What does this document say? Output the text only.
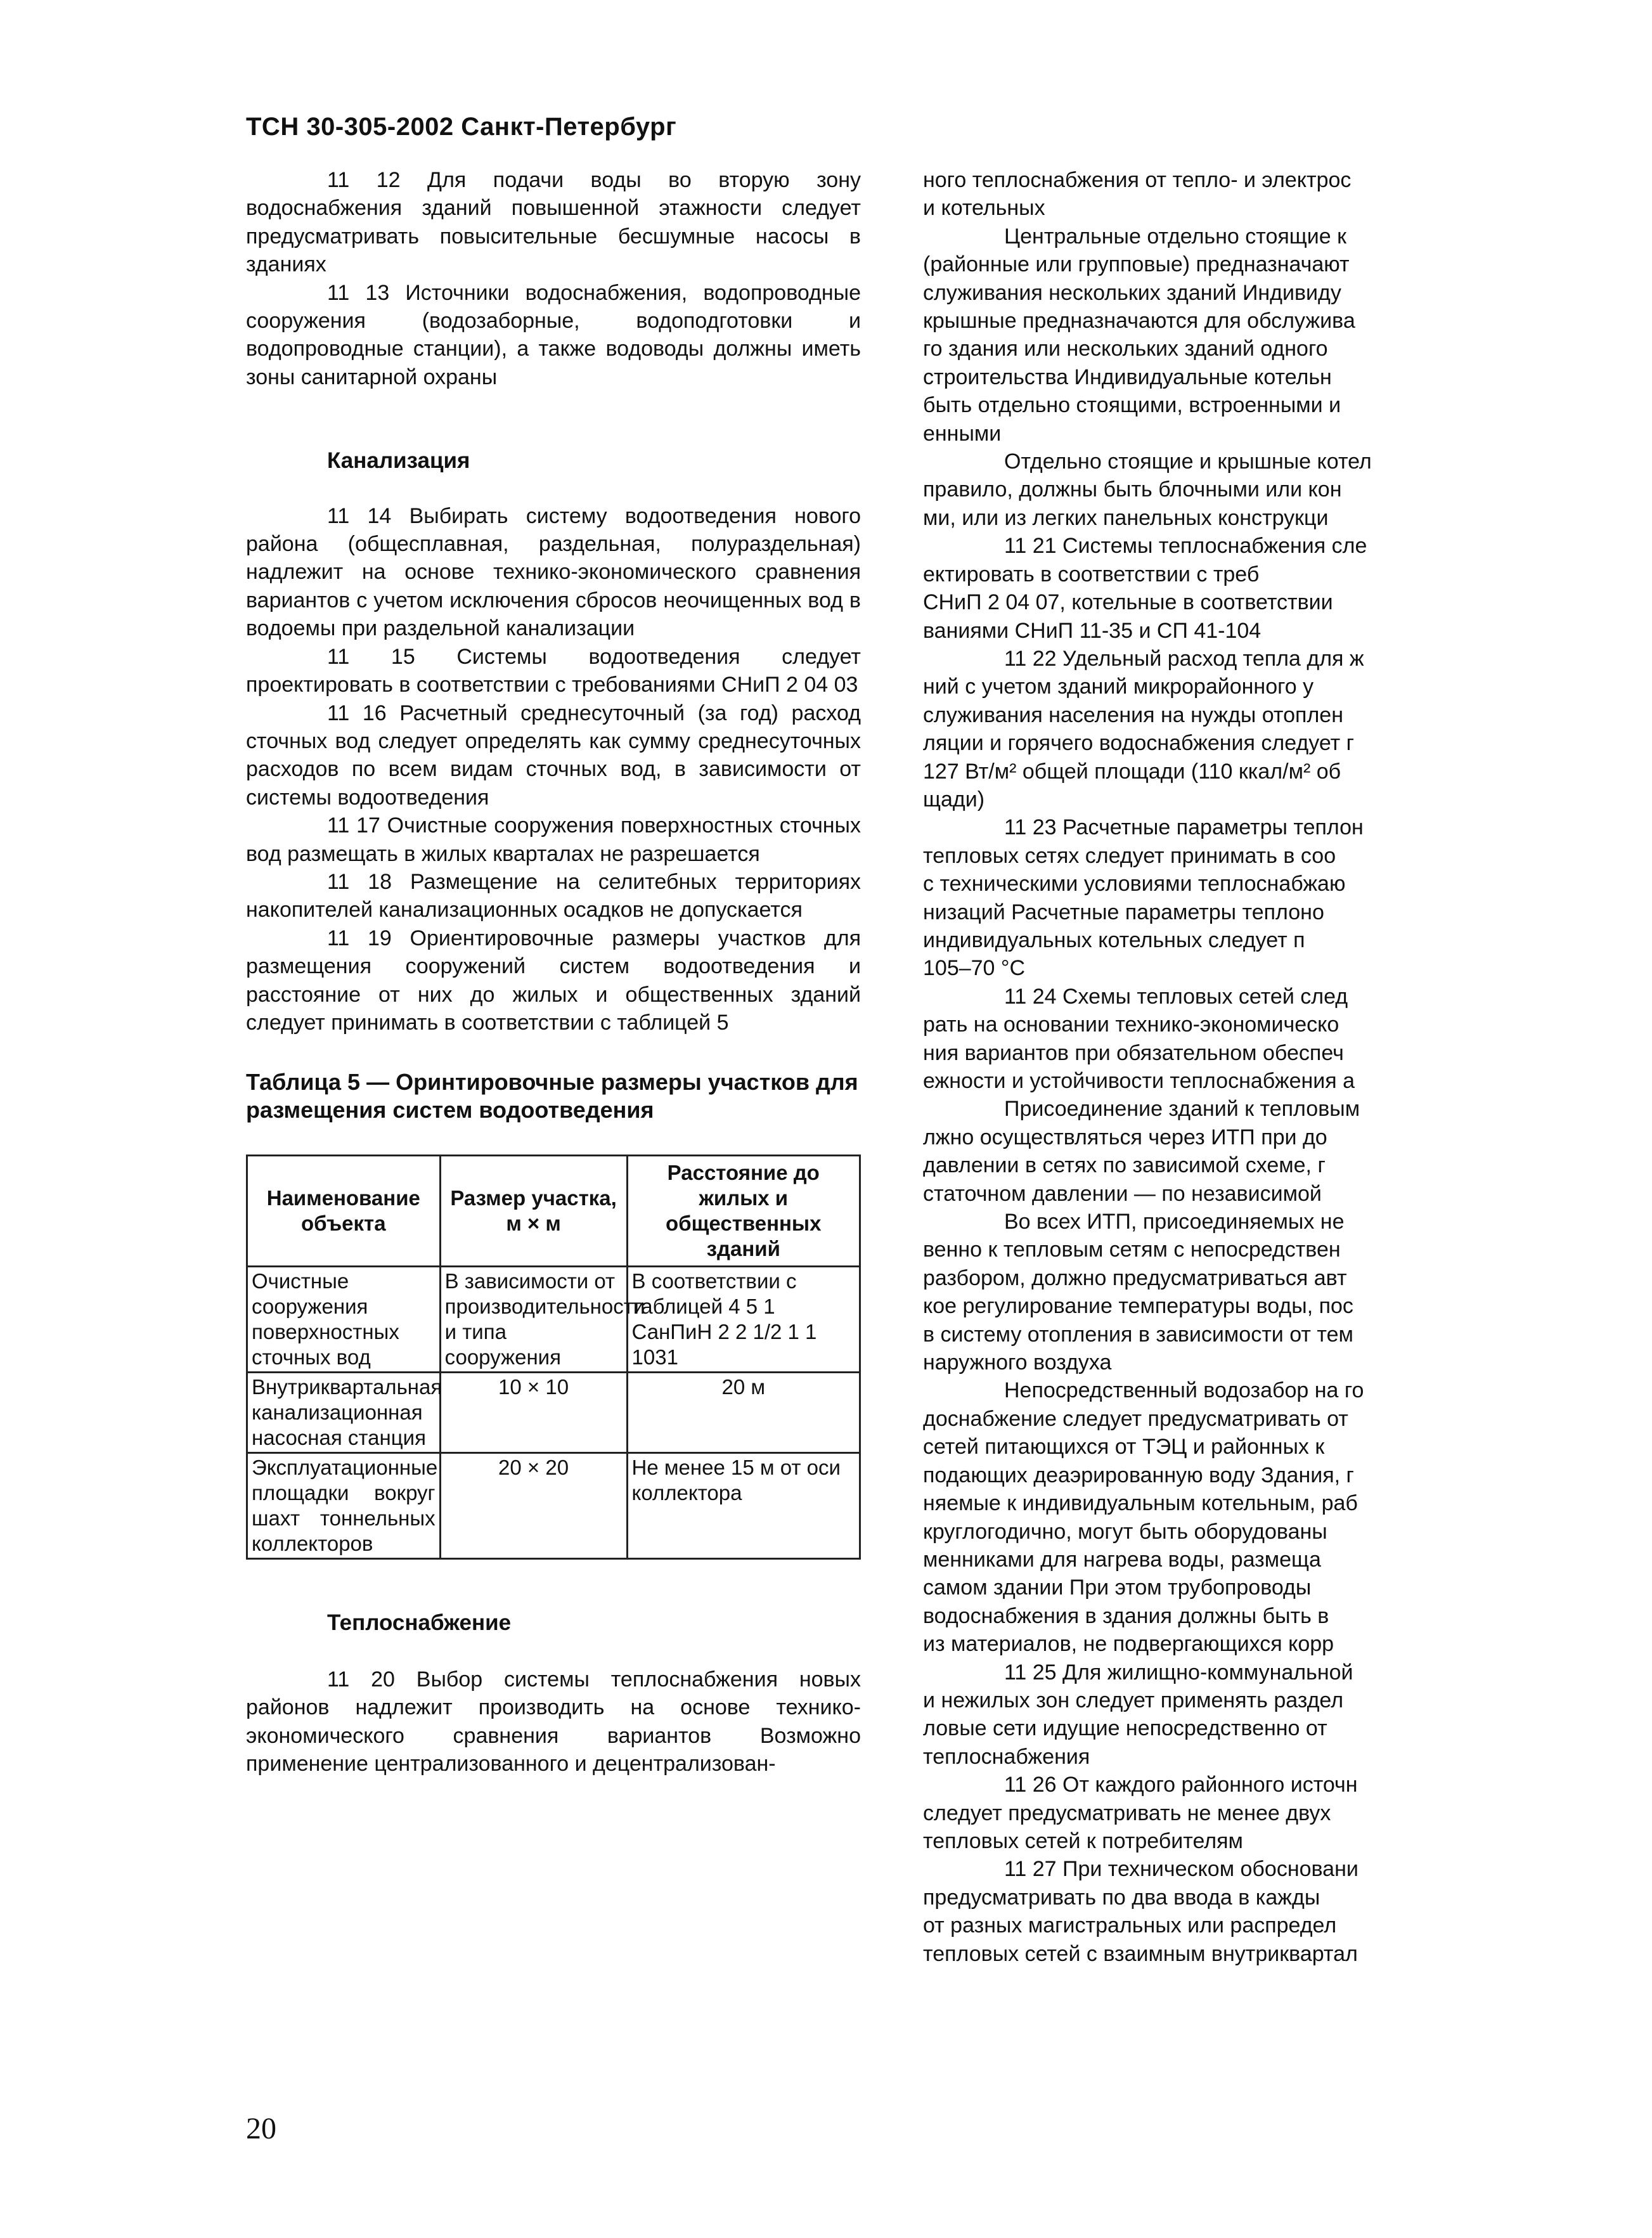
ТСН 30-305-2002 Санкт-Петербург

11 12 Для подачи воды во вторую зону водоснабжения зданий повышенной этажности следует предусматривать повысительные бесшумные насосы в зданиях

11 13 Источники водоснабжения, водопроводные сооружения (водозаборные, водоподготовки и водопроводные станции), а также водоводы должны иметь зоны санитарной охраны

Канализация

11 14 Выбирать систему водоотведения нового района (общесплавная, раздельная, полураздельная) надлежит на основе технико-экономического сравнения вариантов с учетом исключения сбросов неочищенных вод в водоемы при раздельной канализации

11 15 Системы водоотведения следует проектировать в соответствии с требованиями СНиП 2 04 03

11 16 Расчетный среднесуточный (за год) расход сточных вод следует определять как сумму среднесуточных расходов по всем видам сточных вод, в зависимости от системы водоотведения

11 17 Очистные сооружения поверхностных сточных вод размещать в жилых кварталах не разрешается

11 18 Размещение на селитебных территориях накопителей канализационных осадков не допускается

11 19 Ориентировочные размеры участков для размещения сооружений систем водоотведения и расстояние от них до жилых и общественных зданий следует принимать в соответствии с таблицей 5

Таблица 5 — Оринтировочные размеры участков для размещения систем водоотведения

Наименование объекта	Размер участка, м × м	Расстояние до жилых и общественных зданий
Очистные сооружения поверхностных сточных вод	В зависимости от производительности и типа сооружения	В соответствии с таблицей 4 5 1 СанПиН 2 2 1/2 1 1 1031
Внутриквартальная канализационная насосная станция	10 × 10	20 м
Эксплуатационные площадки вокруг шахт тоннельных коллекторов	20 × 20	Не менее 15 м от оси коллектора

Теплоснабжение

11 20 Выбор системы теплоснабжения новых районов надлежит производить на основе технико-экономического сравнения вариантов Возможно применение централизованного и децентрализован-

ного теплоснабжения от тепло- и электрос
и котельных
Центральные отдельно стоящие к
(районные или групповые) предназначают
служивания нескольких зданий Индивиду
крышные предназначаются для обслужива
го здания или нескольких зданий одного
строительства Индивидуальные котельн
быть отдельно стоящими, встроенными и
енными
Отдельно стоящие и крышные котел
правило, должны быть блочными или кон
ми, или из легких панельных конструкци
11 21 Системы теплоснабжения сле
ектировать в соответствии с треб
СНиП 2 04 07, котельные в соответствии
ваниями СНиП 11-35 и СП 41-104
11 22 Удельный расход тепла для ж
ний с учетом зданий микрорайонного у
служивания населения на нужды отоплен
ляции и горячего водоснабжения следует г
127 Вт/м² общей площади (110 ккал/м² об
щади)
11 23 Расчетные параметры теплон
тепловых сетях следует принимать в соо
с техническими условиями теплоснабжаю
низаций Расчетные параметры теплоно
индивидуальных котельных следует п
105–70 °С
11 24 Схемы тепловых сетей след
рать на основании технико-экономическо
ния вариантов при обязательном обеспеч
ежности и устойчивости теплоснабжения а
Присоединение зданий к тепловым
лжно осуществляться через ИТП при до
давлении в сетях по зависимой схеме, г
статочном давлении — по независимой
Во всех ИТП, присоединяемых не
венно к тепловым сетям с непосредствен
разбором, должно предусматриваться авт
кое регулирование температуры воды, пос
в систему отопления в зависимости от тем
наружного воздуха
Непосредственный водозабор на го
доснабжение следует предусматривать от
сетей питающихся от ТЭЦ и районных к
подающих деаэрированную воду Здания, г
няемые к индивидуальным котельным, раб
круглогодично, могут быть оборудованы
менниками для нагрева воды, размеща
самом здании При этом трубопроводы
водоснабжения в здания должны быть в
из материалов, не подвергающихся корр
11 25 Для жилищно-коммунальной
и нежилых зон следует применять раздел
ловые сети идущие непосредственно от
теплоснабжения
11 26 От каждого районного источн
следует предусматривать не менее двух
тепловых сетей к потребителям
11 27 При техническом обосновани
предусматривать по два ввода в кажды
от разных магистральных или распредел
тепловых сетей с взаимным внутриквартал
20
